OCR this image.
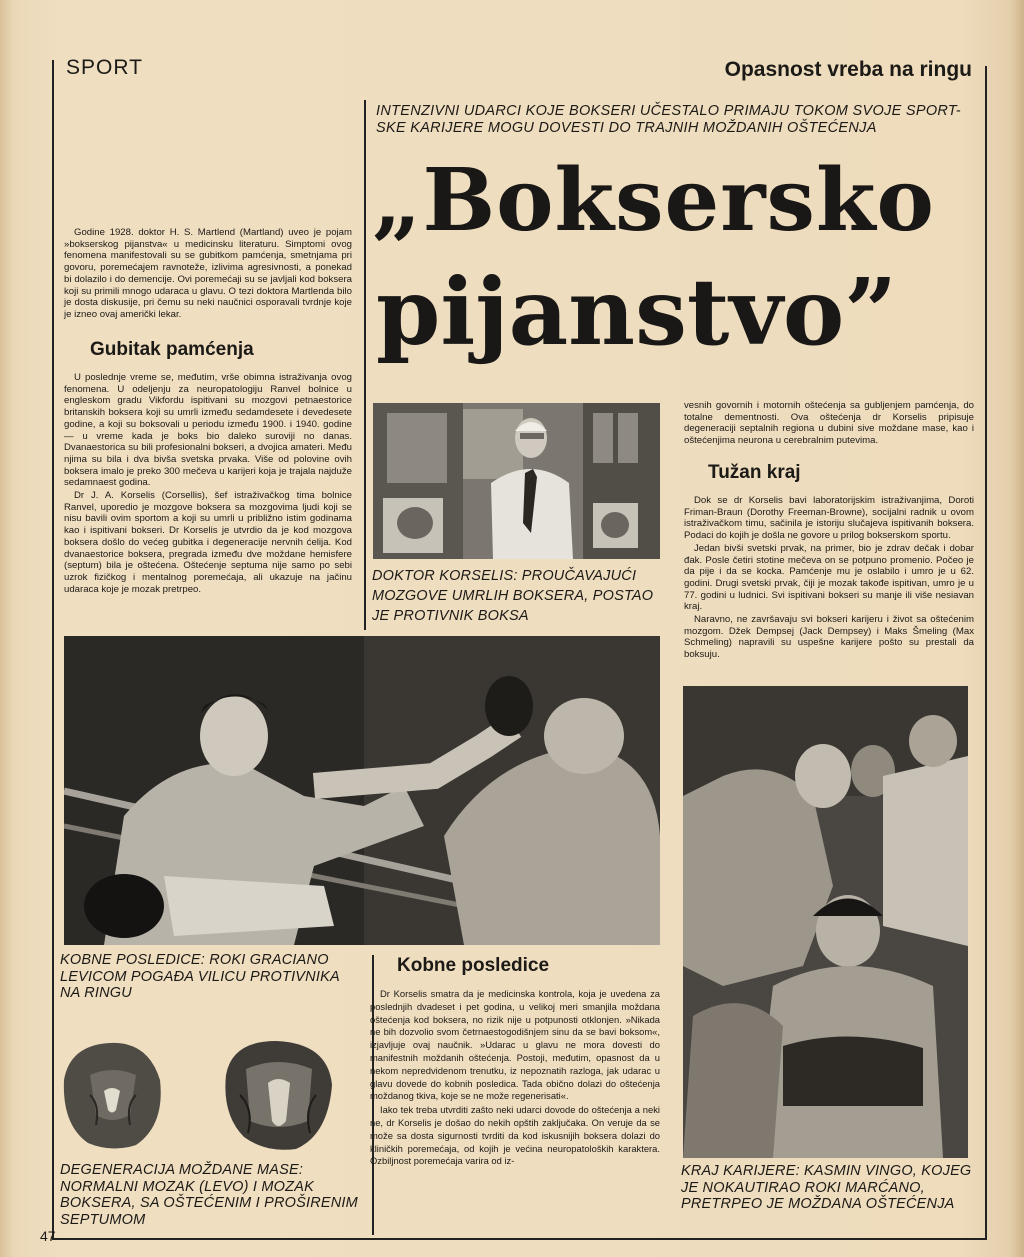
SPORT	Opasnost vreba na ringu
INTENZIVNI UDARCI KOJE BOKSERI UČESTALO PRIMAJU TOKOM SVOJE SPORT-SKE KARIJERE MOGU DOVESTI DO TRAJNIH MOŽDANIH OŠTEĆENJA
„Boksersko
pijanstvo”

Godine 1928. doktor H. S. Martlend (Martland) uveo je pojam »bokserskog pijanstva« u medicinsku literaturu. Simptomi ovog fenomena manifestovali su se gubitkom pamćenja, smetnjama pri govoru, poremećajem ravnoteže, izlivima agresivnosti, a ponekad bi dolazilo i do demencije. Ovi poremećaji su se javljali kod boksera koji su primili mnogo udaraca u glavu. O tezi doktora Martlenda bilo je dosta diskusije, pri čemu su neki naučnici osporavali tvrdnje koje je izneo ovaj američki lekar.

Gubitak pamćenja

U poslednje vreme se, međutim, vrše obimna istraživanja ovog fenomena. U odeljenju za neuropatologiju Ranvel bolnice u engleskom gradu Vikfordu ispitivani su mozgovi petnaestorice britanskih boksera koji su umrli između sedamdesete i devedesete godine, a koji su boksovali u periodu između 1900. i 1940. godine — u vreme kada je boks bio daleko suroviji no danas. Dvanaestorica su bili profesionalni bokseri, a dvojica amateri. Među njima su bila i dva bivša svetska prvaka. Više od polovine ovih boksera imalo je preko 300 mečeva u karijeri koja je trajala najduže sedamnaest godina.

Dr J. A. Korselis (Corsellis), šef istraživačkog tima bolnice Ranvel, uporedio je mozgove boksera sa mozgovima ljudi koji se nisu bavili ovim sportom a koji su umrli u približno istim godinama kao i ispitivani bokseri. Dr Korselis je utvrdio da je kod mozgova boksera došlo do većeg gubitka i degeneracije nervnih ćelija. Kod dvanaestorice boksera, pregrada između dve moždane hemisfere (septum) bila je oštećena. Oštećenje septuma nije samo po sebi uzrok fizičkog i mentalnog poremećaja, ali ukazuje na jačinu udaraca koje je mozak pretrpeo.

DOKTOR KORSELIS: PROUČAVAJUĆI MOZGOVE UMRLIH BOKSERA, POSTAO JE PROTIVNIK BOKSA

vesnih govornih i motornih oštećenja sa gubljenjem pamćenja, do totalne dementnosti. Ova oštećenja dr Korselis pripisuje degeneraciji septalnih regiona u dubini sive moždane mase, kao i oštećenjima neurona u cerebralnim putevima.

Tužan kraj

Dok se dr Korselis bavi laboratorijskim istraživanjima, Doroti Friman-Braun (Dorothy Freeman-Browne), socijalni radnik u ovom istraživačkom timu, sačinila je istoriju slučajeva ispitivanih boksera. Podaci do kojih je došla ne govore u prilog bokserskom sportu.

Jedan bivši svetski prvak, na primer, bio je zdrav dečak i dobar đak. Posle četiri stotine mečeva on se potpuno promenio. Počeo je da pije i da se kocka. Pamćenje mu je oslabilo i umro je u 62. godini. Drugi svetski prvak, čiji je mozak takođe ispitivan, umro je u 77. godini u ludnici. Svi ispitivani bokseri su manje ili više nesiavan kraj.

Naravno, ne završavaju svi bokseri karijeru i život sa oštećenim mozgom. Džek Dempsej (Jack Dempsey) i Maks Šmeling (Max Schmeling) napravili su uspešne karijere pošto su prestali da boksuju.

KOBNE POSLEDICE: ROKI GRACIANO LEVICOM POGAĐA VILICU PROTIVNIKA NA RINGU
DEGENERACIJA MOŽDANE MASE: NORMALNI MOZAK (LEVO) I MOZAK BOKSERA, SA OŠTEĆENIM I PROŠIRENIM SEPTUMOM
Kobne posledice

Dr Korselis smatra da je medicinska kontrola, koja je uvedena za poslednjih dvadeset i pet godina, u velikoj meri smanjila moždana oštećenja kod boksera, no rizik nije u potpunosti otklonjen. »Nikada ne bih dozvolio svom četrnaestogodišnjem sinu da se bavi boksom«, izjavljuje ovaj naučnik. »Udarac u glavu ne mora dovesti do manifestnih moždanih oštećenja. Postoji, međutim, opasnost da u nekom nepredvidenom trenutku, iz nepoznatih razloga, jak udarac u glavu dovede do kobnih posledica. Tada obično dolazi do oštećenja moždanog tkiva, koje se ne može regenerisati«.

Iako tek treba utvrditi zašto neki udarci dovode do oštećenja a neki ne, dr Korselis je došao do nekih opštih zaključaka. On veruje da se može sa dosta sigurnosti tvrditi da kod iskusnijih boksera dolazi do kliničkih poremećaja, od kojih je većina neuropatoloških karaktera. Ozbiljnost poremećaja varira od iz-

KRAJ KARIJERE: KASMIN VINGO, KOJEG JE NOKAUTIRAO ROKI MARĆANO, PRETRPEO JE MOŽDANA OŠTEĆENJA
47
